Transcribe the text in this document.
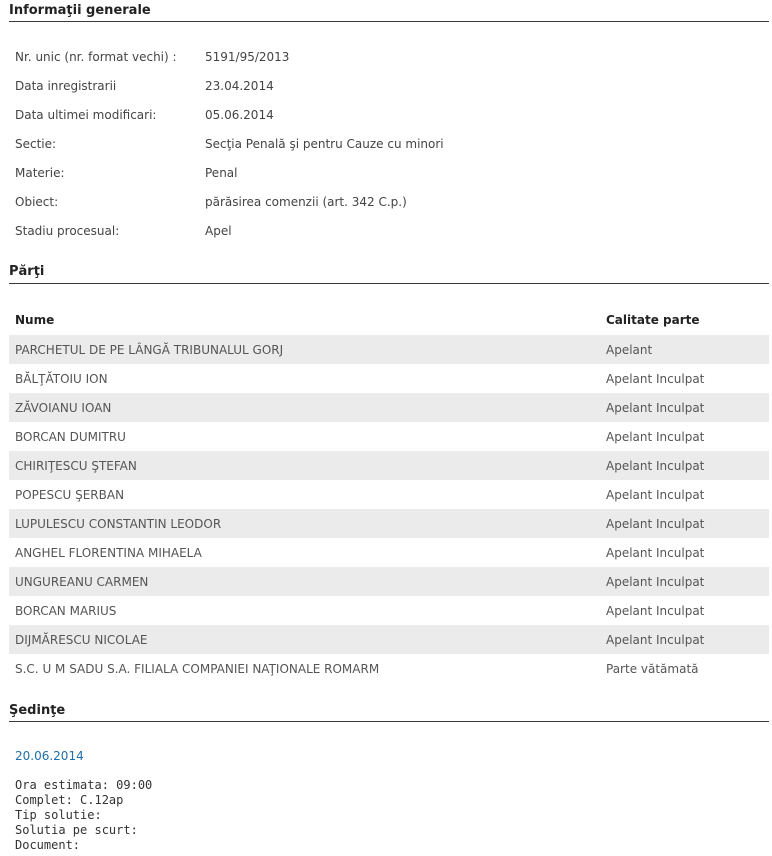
Informaţii generale
Nr. unic (nr. format vechi) : 5191/95/2013
Data inregistrarii	23.04.2014
Data ultimei modificari:	05.06.2014
Sectie:	Secţia Penală şi pentru Cauze cu minori
Materie:	Penal
Obiect:	părăsirea comenzii (art. 342 C.p.)
Stadiu procesual:	Apel
Părţi
Nume	Calitate parte
PARCHETUL DE PE LÂNGĂ TRIBUNALUL GORJ	Apelant
BĂLŢĂTOIU ION	Apelant Inculpat
ZĂVOIANU IOAN	Apelant Inculpat
BORCAN DUMITRU	Apelant Inculpat
CHIRIŢESCU ŞTEFAN	Apelant Inculpat
POPESCU ŞERBAN	Apelant Inculpat
LUPULESCU CONSTANTIN LEODOR	Apelant Inculpat
ANGHEL FLORENTINA MIHAELA	Apelant Inculpat
UNGUREANU CARMEN	Apelant Inculpat
BORCAN MARIUS	Apelant Inculpat
DIJMĂRESCU NICOLAE	Apelant Inculpat
S.C. U M SADU S.A. FILIALA COMPANIEI NAŢIONALE ROMARM	Parte vătămată
Şedinţe
20.06.2014
Ora estimata: 09:00
Complet: C.12ap
Tip solutie:
Solutia pe scurt:
Document:
